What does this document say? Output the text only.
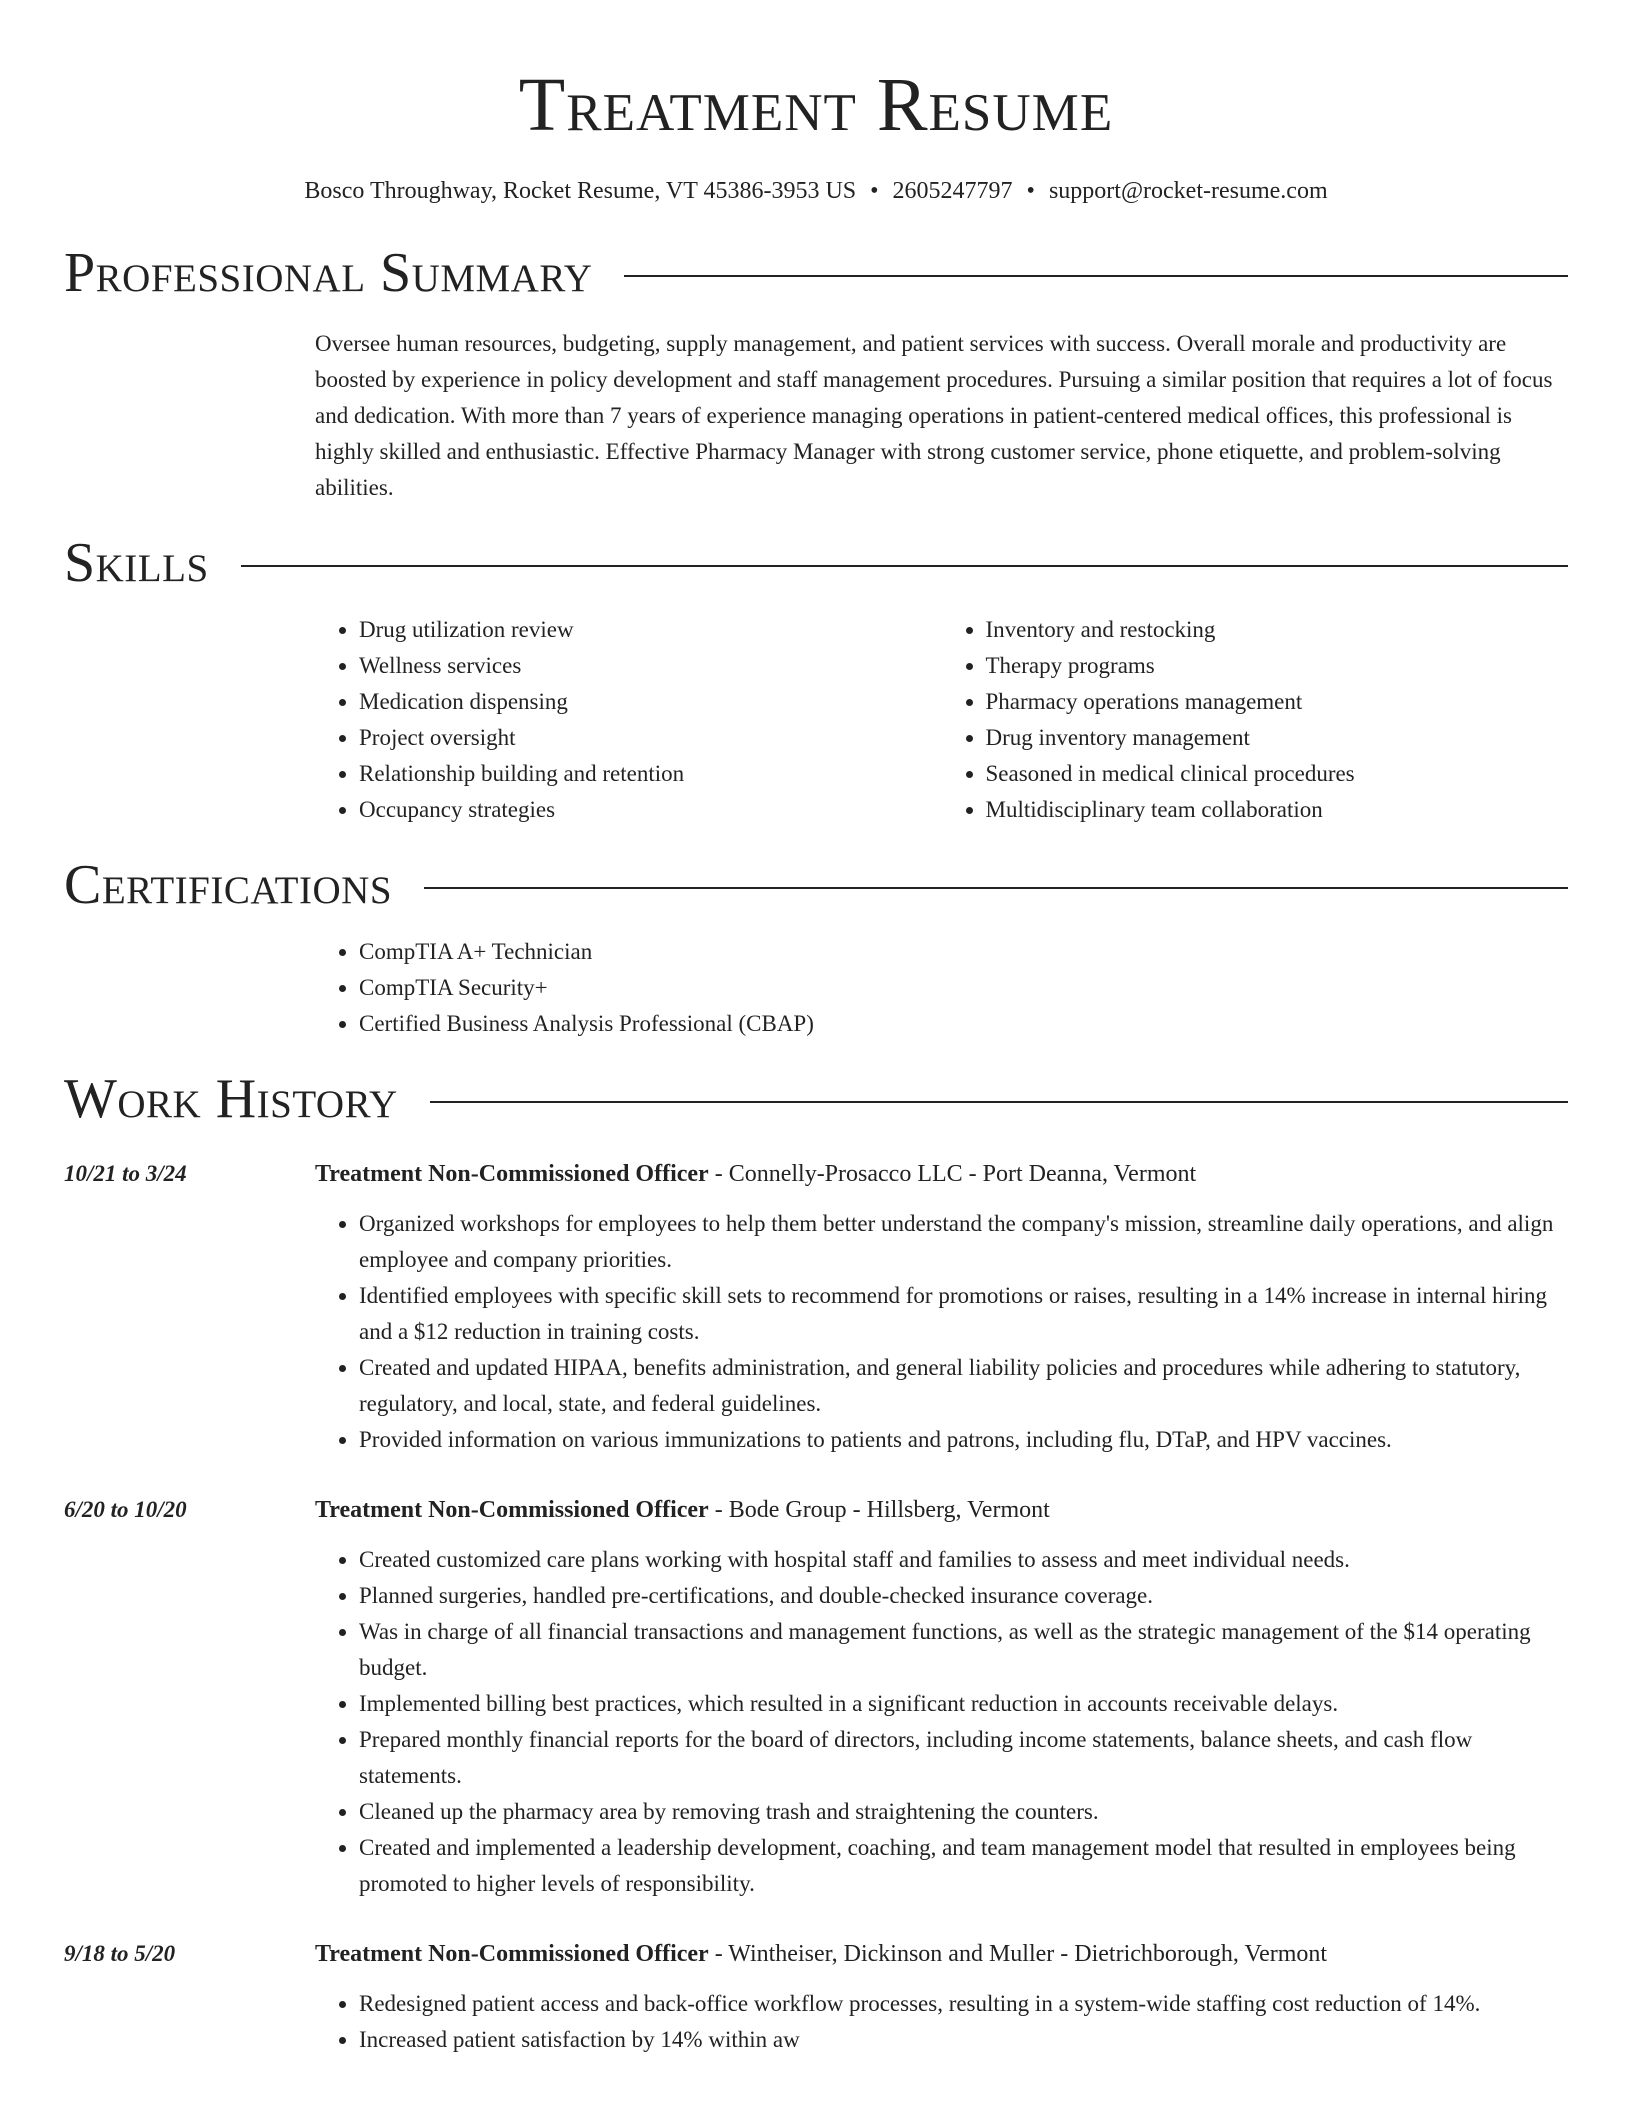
Treatment Resume
Bosco Throughway, Rocket Resume, VT 45386-3953 US • 2605247797 • support@rocket-resume.com
Professional Summary
Oversee human resources, budgeting, supply management, and patient services with success. Overall morale and productivity are boosted by experience in policy development and staff management procedures. Pursuing a similar position that requires a lot of focus and dedication. With more than 7 years of experience managing operations in patient-centered medical offices, this professional is highly skilled and enthusiastic. Effective Pharmacy Manager with strong customer service, phone etiquette, and problem-solving abilities.
Skills
• Drug utilization review
• Wellness services
• Medication dispensing
• Project oversight
• Relationship building and retention
• Occupancy strategies
• Inventory and restocking
• Therapy programs
• Pharmacy operations management
• Drug inventory management
• Seasoned in medical clinical procedures
• Multidisciplinary team collaboration
Certifications
• CompTIA A+ Technician
• CompTIA Security+
• Certified Business Analysis Professional (CBAP)
Work History
10/21 to 3/24	Treatment Non-Commissioned Officer - Connelly-Prosacco LLC - Port Deanna, Vermont
• Organized workshops for employees to help them better understand the company's mission, streamline daily operations, and align employee and company priorities.
• Identified employees with specific skill sets to recommend for promotions or raises, resulting in a 14% increase in internal hiring and a $12 reduction in training costs.
• Created and updated HIPAA, benefits administration, and general liability policies and procedures while adhering to statutory, regulatory, and local, state, and federal guidelines.
• Provided information on various immunizations to patients and patrons, including flu, DTaP, and HPV vaccines.
6/20 to 10/20	Treatment Non-Commissioned Officer - Bode Group - Hillsberg, Vermont
• Created customized care plans working with hospital staff and families to assess and meet individual needs.
• Planned surgeries, handled pre-certifications, and double-checked insurance coverage.
• Was in charge of all financial transactions and management functions, as well as the strategic management of the $14 operating budget.
• Implemented billing best practices, which resulted in a significant reduction in accounts receivable delays.
• Prepared monthly financial reports for the board of directors, including income statements, balance sheets, and cash flow statements.
• Cleaned up the pharmacy area by removing trash and straightening the counters.
• Created and implemented a leadership development, coaching, and team management model that resulted in employees being promoted to higher levels of responsibility.
9/18 to 5/20	Treatment Non-Commissioned Officer - Wintheiser, Dickinson and Muller - Dietrichborough, Vermont
• Redesigned patient access and back-office workflow processes, resulting in a system-wide staffing cost reduction of 14%.
• Increased patient satisfaction by 14% within aw
